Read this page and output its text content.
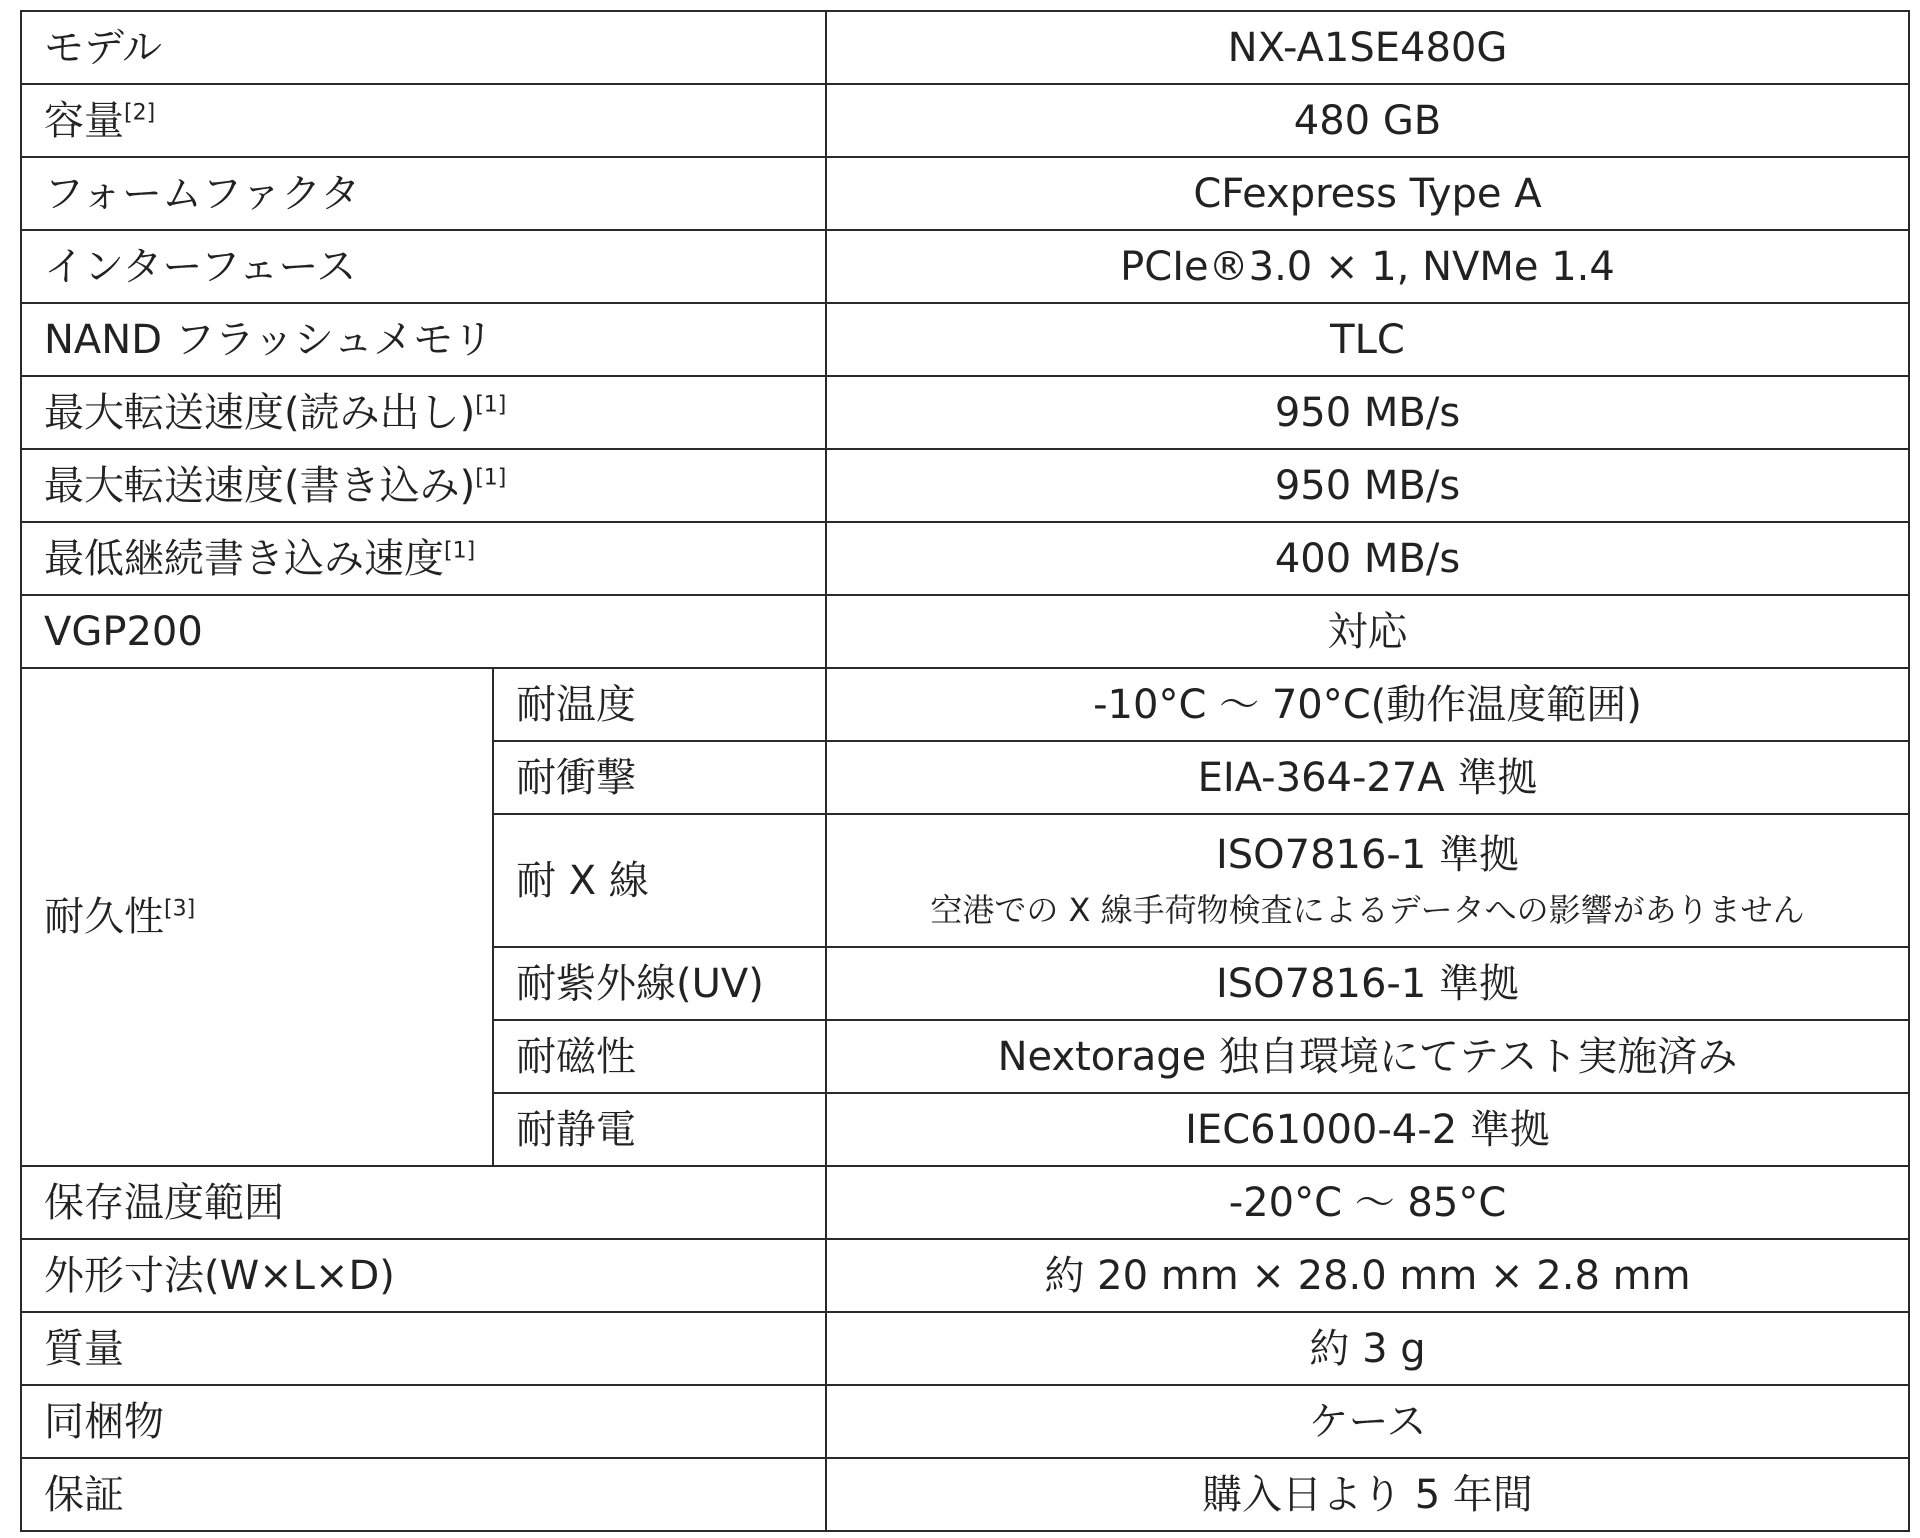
モデル		NX-A1SE480G
容量[2]		480 GB
フォームファクタ		CFexpress Type A
インターフェース		PCIe®3.0 × 1, NVMe 1.4
NAND フラッシュメモリ		TLC
最大転送速度(読み出し)[1]		950 MB/s
最大転送速度(書き込み)[1]		950 MB/s
最低継続書き込み速度[1]		400 MB/s
VGP200		対応
耐久性[3]	耐温度	-10°C ～ 70°C(動作温度範囲)
	耐衝撃	EIA-364-27A 準拠
	耐 X 線	ISO7816-1 準拠
空港での X 線手荷物検査によるデータへの影響がありません

	耐紫外線(UV)	ISO7816-1 準拠
	耐磁性	Nextorage 独自環境にてテスト実施済み
	耐静電	IEC61000-4-2 準拠
保存温度範囲		-20°C ～ 85°C
外形寸法(W×L×D)		約 20 mm × 28.0 mm × 2.8 mm
質量		約 3 g
同梱物		ケース
保証		購入日より 5 年間
